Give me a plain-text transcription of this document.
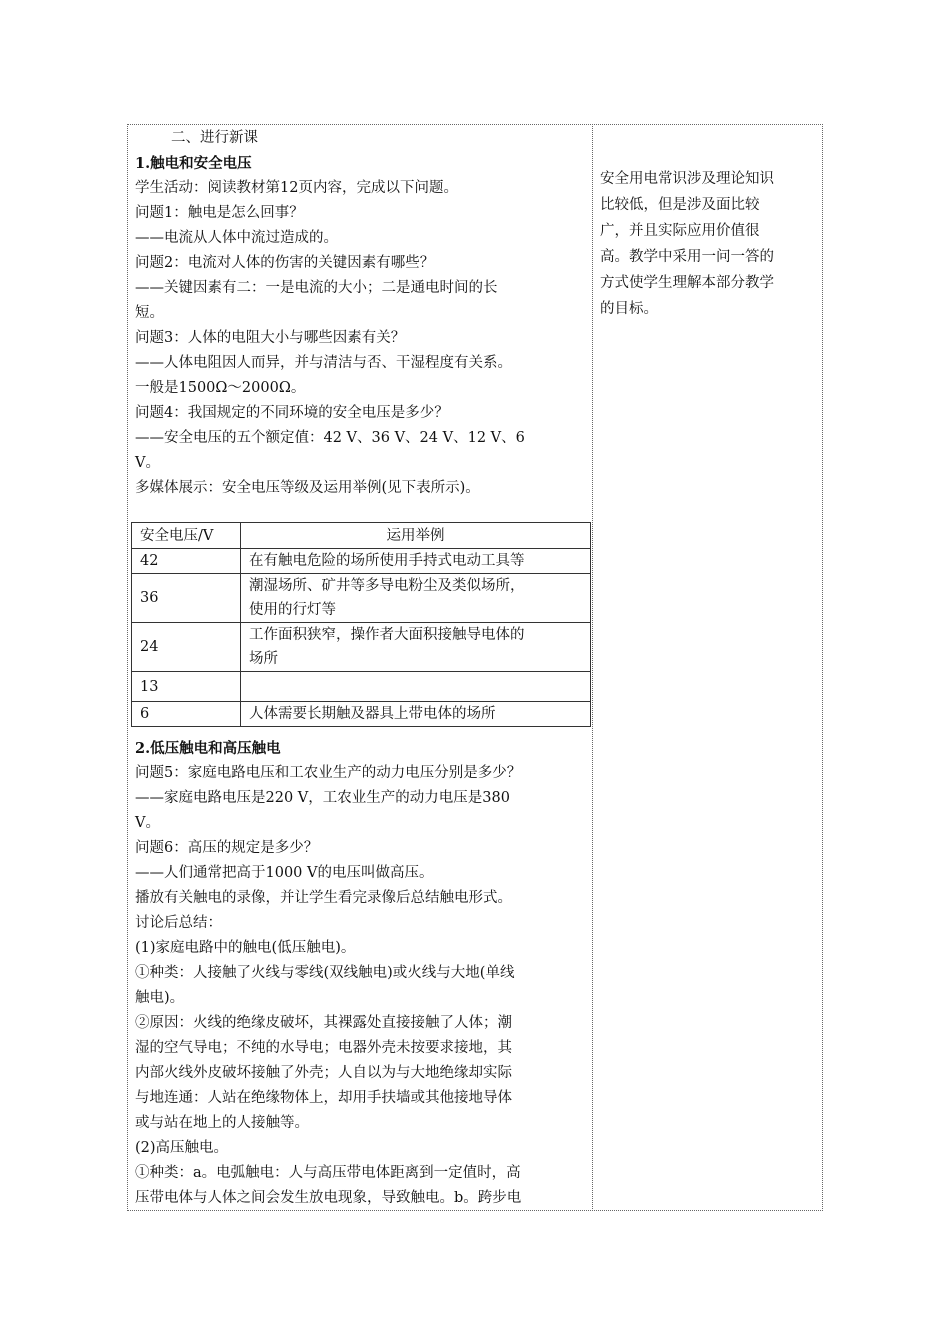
二、进行新课

1.触电和安全电压

学生活动：阅读教材第12页内容，完成以下问题。

问题1：触电是怎么回事？

——电流从人体中流过造成的。

问题2：电流对人体的伤害的关键因素有哪些？

——关键因素有二：一是电流的大小；二是通电时间的长

短。

问题3：人体的电阻大小与哪些因素有关？

——人体电阻因人而异，并与清洁与否、干湿程度有关系。

一般是1500Ω～2000Ω。

问题4：我国规定的不同环境的安全电压是多少？

——安全电压的五个额定值：42 V、36 V、24 V、12 V、6

V。

多媒体展示：安全电压等级及运用举例(见下表所示)。

安全电压/V	运用举例
42	在有触电危险的场所使用手持式电动工具等

36	潮湿场所、矿井等多导电粉尘及类似场所，
使用的行灯等

24	工作面积狭窄，操作者大面积接触导电体的
场所

13	

6	人体需要长期触及器具上带电体的场所

2.低压触电和高压触电

问题5：家庭电路电压和工农业生产的动力电压分别是多少？

——家庭电路电压是220 V，工农业生产的动力电压是380

V。

问题6：高压的规定是多少？

——人们通常把高于1000 V的电压叫做高压。

播放有关触电的录像，并让学生看完录像后总结触电形式。

讨论后总结：

(1)家庭电路中的触电(低压触电)。

①种类：人接触了火线与零线(双线触电)或火线与大地(单线

触电)。

②原因：火线的绝缘皮破坏，其裸露处直接接触了人体；潮

湿的空气导电；不纯的水导电；电器外壳未按要求接地，其

内部火线外皮破坏接触了外壳；人自以为与大地绝缘却实际

与地连通：人站在绝缘物体上，却用手扶墙或其他接地导体

或与站在地上的人接触等。

(2)高压触电。

①种类：a。电弧触电：人与高压带电体距离到一定值时，高

压带电体与人体之间会发生放电现象，导致触电。b。跨步电

安全用电常识涉及理论知识

比较低，但是涉及面比较

广，并且实际应用价值很

高。教学中采用一问一答的

方式使学生理解本部分教学

的目标。
